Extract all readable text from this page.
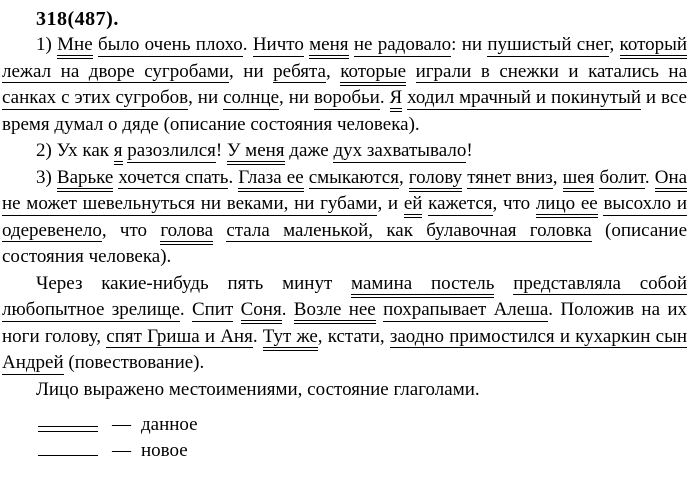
318(487).

1) Мне было очень плохо. Ничто меня не радовало: ни пушистый снег, который лежал на дворе сугробами, ни ребята, которые играли в снежки и катались на санках с этих сугробов, ни солнце, ни воробьи. Я ходил мрачный и покинутый и все время думал о дяде (описание состояния человека).

2) Ух как я разозлился! У меня даже дух захватывало!

3) Варьке хочется спать. Глаза ее смыкаются, голову тянет вниз, шея болит. Она не может шевельнуться ни веками, ни губами, и ей кажется, что лицо ее высохло и одеревенело, что голова стала маленькой, как булавочная головка (описание состояния человека).

Через какие-нибудь пять минут мамина постель представляла собой любопытное зрелище. Спит Соня. Возле нее похрапывает Алеша. Положив на их ноги голову, спят Гриша и Аня. Тут же, кстати, заодно примостился и кухаркин сын Андрей (повествование).

Лицо выражено местоимениями, состояние глаголами.

— данное
— новое
